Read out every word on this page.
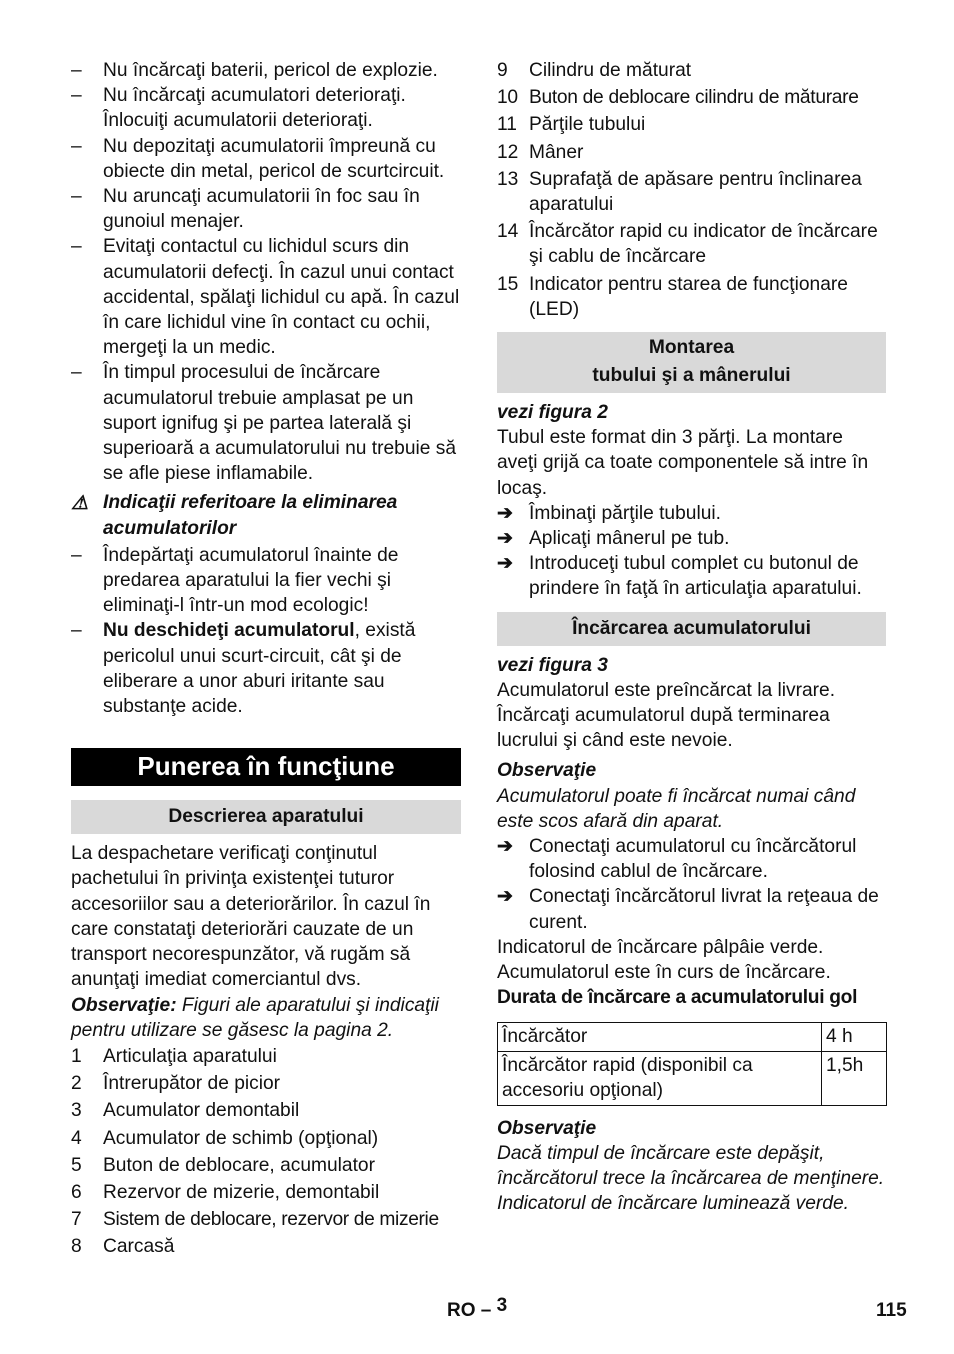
–	Nu încărcaţi baterii, pericol de explozie.
–	Nu încărcaţi acumulatori deterioraţi. Înlocuiţi acumulatorii deterioraţi.
–	Nu depozitaţi acumulatorii împreună cu obiecte din metal, pericol de scurtcircuit.
–	Nu aruncaţi acumulatorii în foc sau în gunoiul menajer.
–	Evitaţi contactul cu lichidul scurs din acumulatorii defecţi. În cazul unui contact accidental, spălaţi lichidul cu apă. În cazul în care lichidul vine în contact cu ochii, mergeţi la un medic.
–	În timpul procesului de încărcare acumulatorul trebuie amplasat pe un suport ignifug şi pe partea laterală şi superioară a acumulatorului nu trebuie să se afle piese inflamabile.
⚠ Indicaţii referitoare la eliminarea acumulatorilor
–	Îndepărtaţi acumulatorul înainte de predarea aparatului la fier vechi şi eliminaţi-l într-un mod ecologic!
–	Nu deschideţi acumulatorul, există pericolul unui scurt-circuit, cât şi de eliberare a unor aburi iritante sau substanţe acide.
Punerea în funcţiune
Descrierea aparatului
La despachetare verificaţi conţinutul pachetului în privinţa existenţei tuturor accesoriilor sau a deteriorărilor. În cazul în care constataţi deteriorări cauzate de un transport necorespunzător, vă rugăm să anunţaţi imediat comerciantul dvs.
Observaţie: Figuri ale aparatului şi indicaţii pentru utilizare se găsesc la pagina 2.
1 Articulaţia aparatului
2 Întrerupător de picior
3 Acumulator demontabil
4 Acumulator de schimb (opţional)
5 Buton de deblocare, acumulator
6 Rezervor de mizerie, demontabil
7 Sistem de deblocare, rezervor de mizerie
8 Carcasă
9 Cilindru de măturat
10 Buton de deblocare cilindru de măturare
11 Părţile tubului
12 Mâner
13 Suprafaţă de apăsare pentru înclinarea aparatului
14 Încărcător rapid cu indicator de încărcare şi cablu de încărcare
15 Indicator pentru starea de funcţionare (LED)
Montarea
tubului şi a mânerului
vezi figura 2
Tubul este format din 3 părţi. La montare aveţi grijă ca toate componentele să intre în locaş.
➔ Îmbinaţi părţile tubului.
➔ Aplicaţi mânerul pe tub.
➔ Introduceţi tubul complet cu butonul de prindere în faţă în articulaţia aparatului.
Încărcarea acumulatorului
vezi figura 3
Acumulatorul este preîncărcat la livrare. Încărcaţi acumulatorul după terminarea lucrului şi când este nevoie.
Observaţie
Acumulatorul poate fi încărcat numai când este scos afară din aparat.
➔ Conectaţi acumulatorul cu încărcătorul folosind cablul de încărcare.
➔ Conectaţi încărcătorul livrat la reţeaua de curent.
Indicatorul de încărcare pâlpâie verde.
Acumulatorul este în curs de încărcare.
Durata de încărcare a acumulatorului gol
Încărcător	4 h
Încărcător rapid (disponibil ca accesoriu opţional)	1,5h
Observaţie
Dacă timpul de încărcare este depăşit, încărcătorul trece la încărcarea de menţinere. Indicatorul de încărcare luminează verde.
RO – 3	115
